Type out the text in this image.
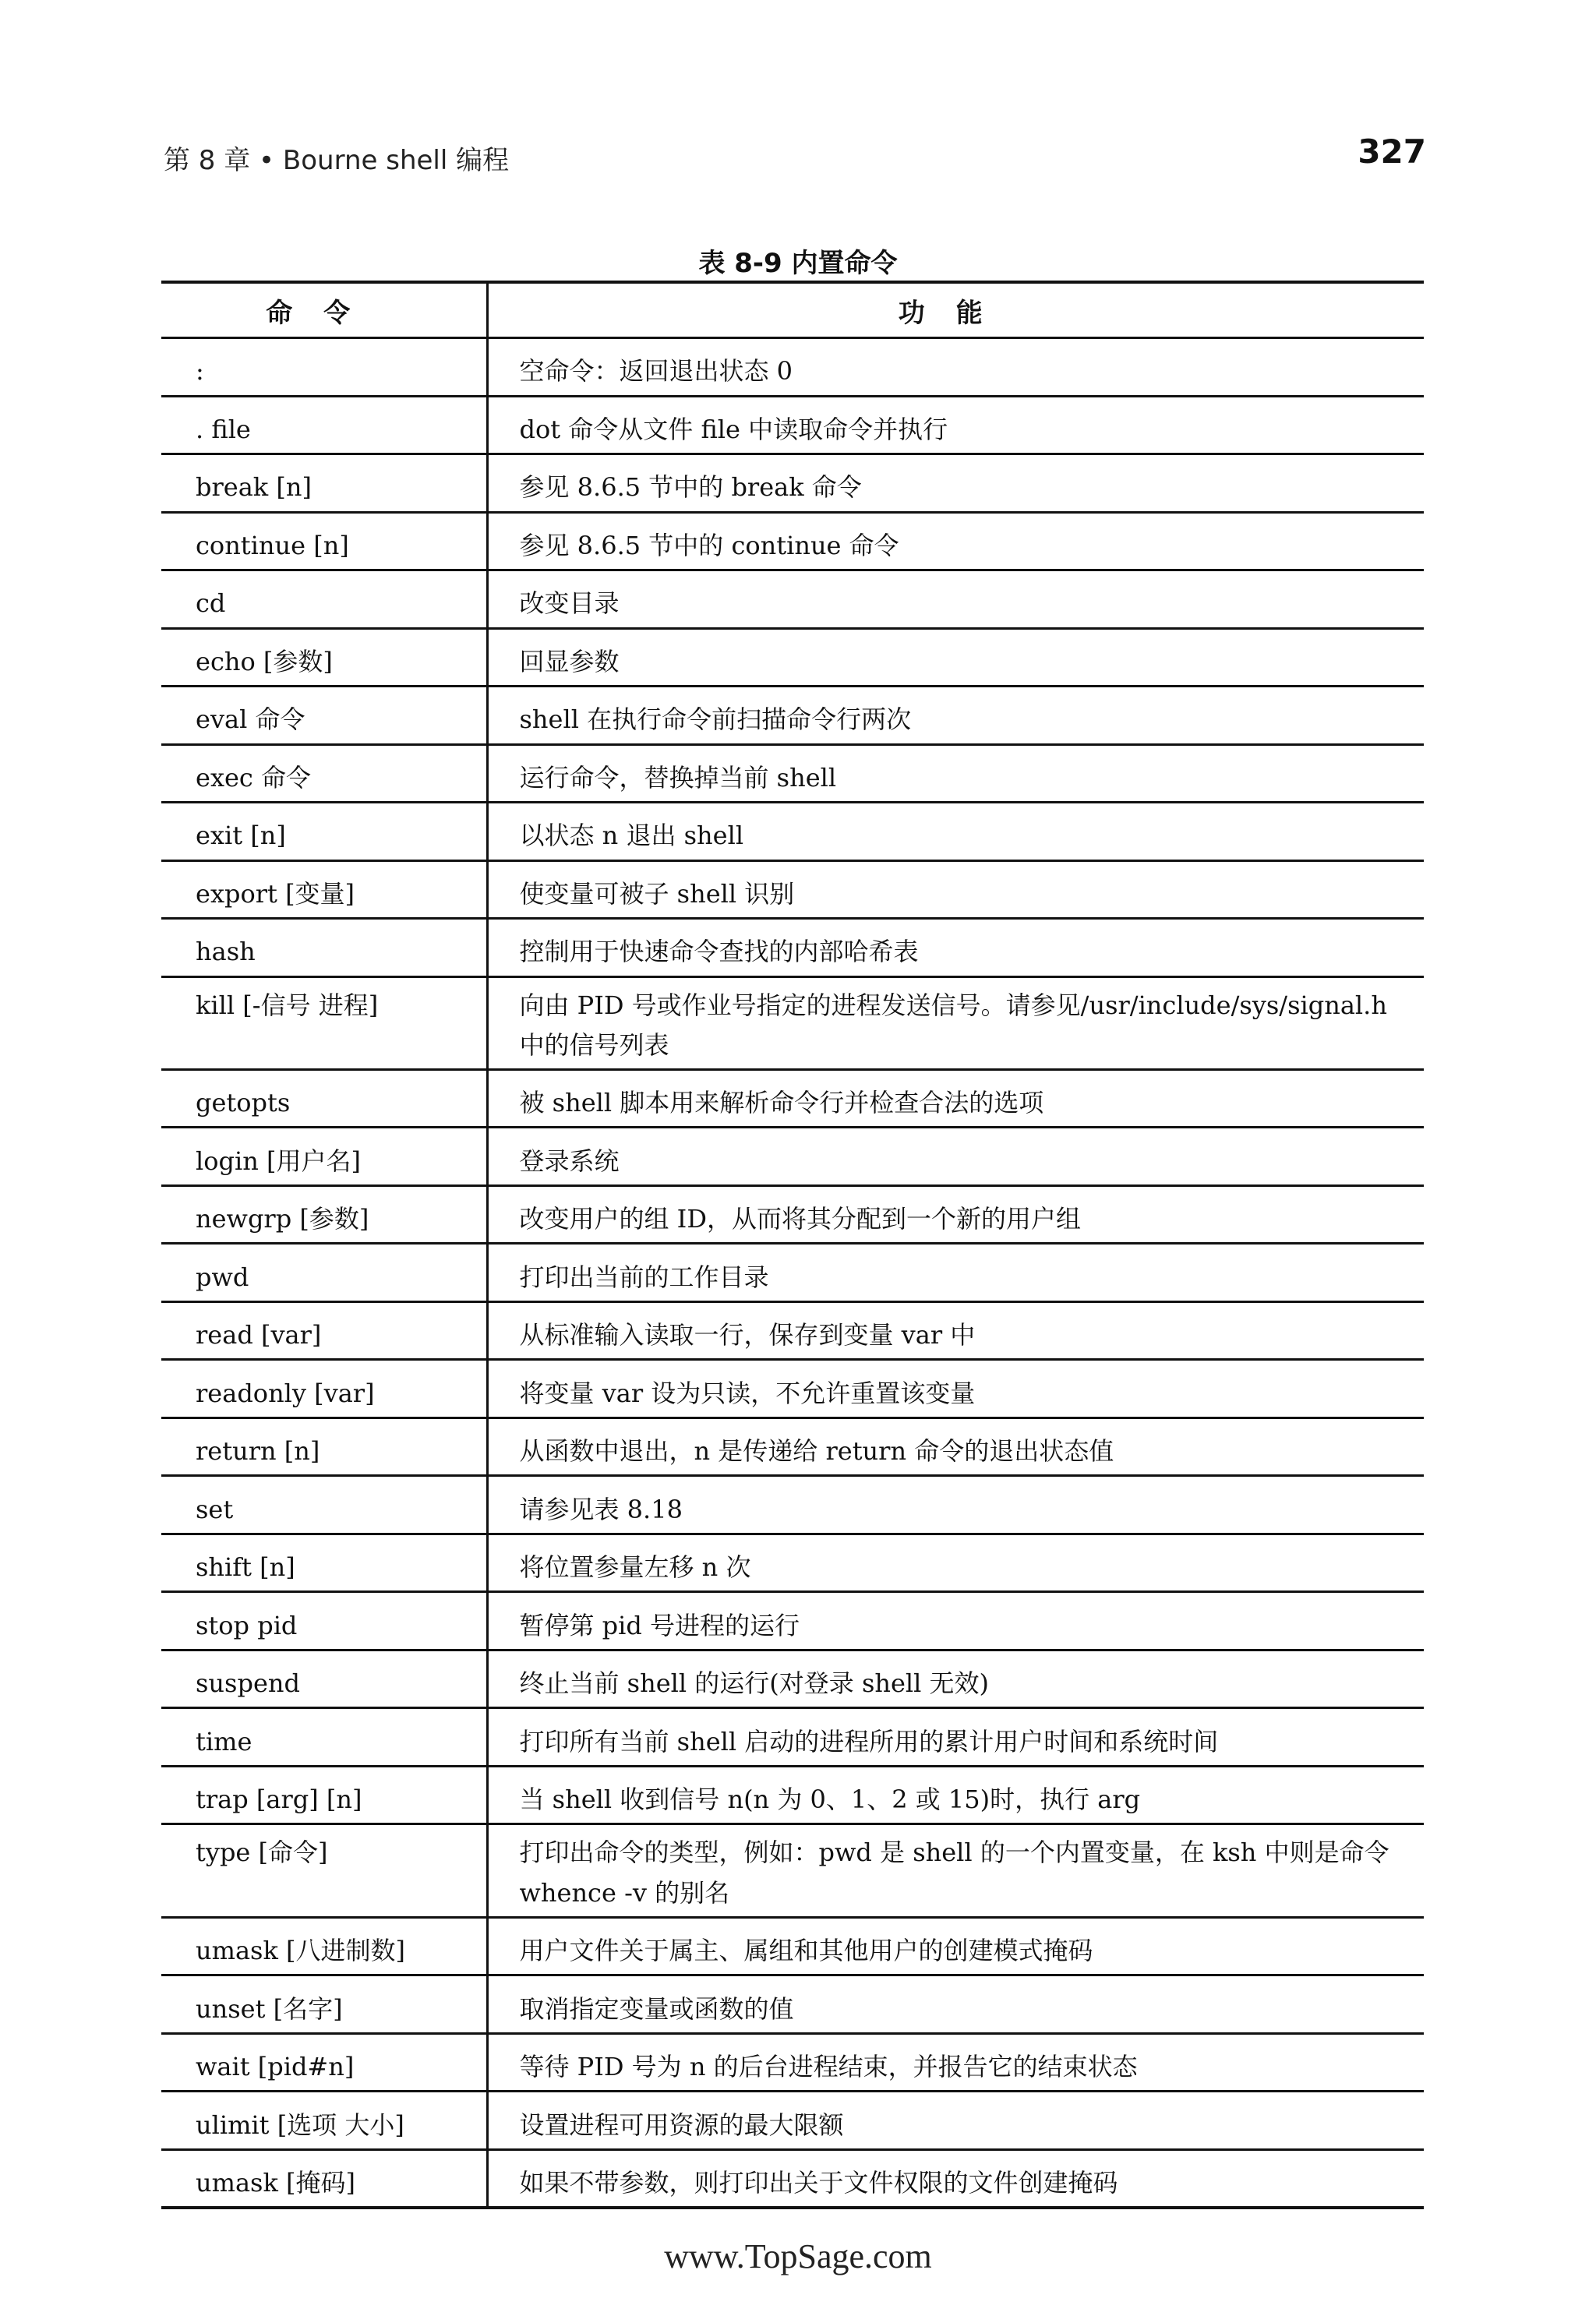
第 8 章 • Bourne shell 编程	327
表 8-9 内置命令
命令	功能
:	空命令：返回退出状态 0
. file	dot 命令从文件 file 中读取命令并执行
break [n]	参见 8.6.5 节中的 break 命令
continue [n]	参见 8.6.5 节中的 continue 命令
cd	改变目录
echo [参数]	回显参数
eval 命令	shell 在执行命令前扫描命令行两次
exec 命令	运行命令，替换掉当前 shell
exit [n]	以状态 n 退出 shell
export [变量]	使变量可被子 shell 识别
hash	控制用于快速命令查找的内部哈希表
kill [-信号 进程]	向由 PID 号或作业号指定的进程发送信号。请参见/usr/include/sys/signal.h 中的信号列表
getopts	被 shell 脚本用来解析命令行并检查合法的选项
login [用户名]	登录系统
newgrp [参数]	改变用户的组 ID，从而将其分配到一个新的用户组
pwd	打印出当前的工作目录
read [var]	从标准输入读取一行，保存到变量 var 中
readonly [var]	将变量 var 设为只读，不允许重置该变量
return [n]	从函数中退出，n 是传递给 return 命令的退出状态值
set	请参见表 8.18
shift [n]	将位置参量左移 n 次
stop pid	暂停第 pid 号进程的运行
suspend	终止当前 shell 的运行(对登录 shell 无效)
time	打印所有当前 shell 启动的进程所用的累计用户时间和系统时间
trap [arg] [n]	当 shell 收到信号 n(n 为 0、1、2 或 15)时，执行 arg
type [命令]	打印出命令的类型，例如：pwd 是 shell 的一个内置变量，在 ksh 中则是命令 whence -v 的别名
umask [八进制数]	用户文件关于属主、属组和其他用户的创建模式掩码
unset [名字]	取消指定变量或函数的值
wait [pid#n]	等待 PID 号为 n 的后台进程结束，并报告它的结束状态
ulimit [选项 大小]	设置进程可用资源的最大限额
umask [掩码]	如果不带参数，则打印出关于文件权限的文件创建掩码
www.TopSage.com
